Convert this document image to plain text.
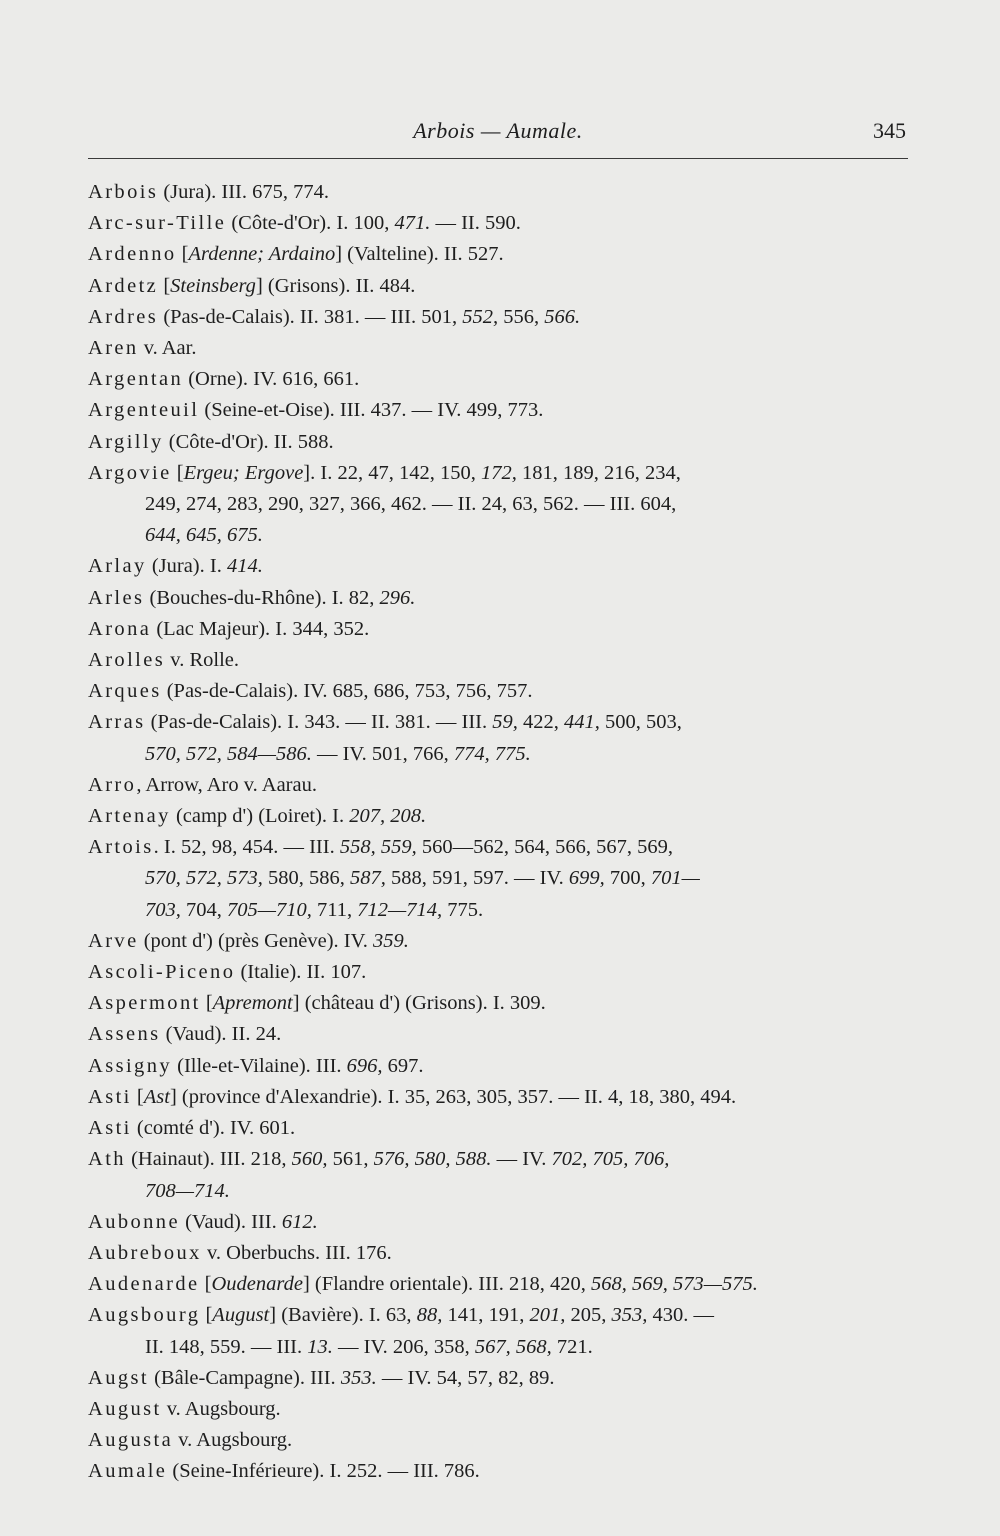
Arbois — Aumale.	345
Arbois (Jura). III. 675, 774.
Arc-sur-Tille (Côte-d'Or). I. 100, 471. — II. 590.
Ardenno [Ardenne; Ardaino] (Valteline). II. 527.
Ardetz [Steinsberg] (Grisons). II. 484.
Ardres (Pas-de-Calais). II. 381. — III. 501, 552, 556, 566.
Aren v. Aar.
Argentan (Orne). IV. 616, 661.
Argenteuil (Seine-et-Oise). III. 437. — IV. 499, 773.
Argilly (Côte-d'Or). II. 588.
Argovie [Ergeu; Ergove]. I. 22, 47, 142, 150, 172, 181, 189, 216, 234,
249, 274, 283, 290, 327, 366, 462. — II. 24, 63, 562. — III. 604,
644, 645, 675.
Arlay (Jura). I. 414.
Arles (Bouches-du-Rhône). I. 82, 296.
Arona (Lac Majeur). I. 344, 352.
Arolles v. Rolle.
Arques (Pas-de-Calais). IV. 685, 686, 753, 756, 757.
Arras (Pas-de-Calais). I. 343. — II. 381. — III. 59, 422, 441, 500, 503,
570, 572, 584—586. — IV. 501, 766, 774, 775.
Arro, Arrow, Aro v. Aarau.
Artenay (camp d') (Loiret). I. 207, 208.
Artois. I. 52, 98, 454. — III. 558, 559, 560—562, 564, 566, 567, 569,
570, 572, 573, 580, 586, 587, 588, 591, 597. — IV. 699, 700, 701—
703, 704, 705—710, 711, 712—714, 775.
Arve (pont d') (près Genève). IV. 359.
Ascoli-Piceno (Italie). II. 107.
Aspermont [Apremont] (château d') (Grisons). I. 309.
Assens (Vaud). II. 24.
Assigny (Ille-et-Vilaine). III. 696, 697.
Asti [Ast] (province d'Alexandrie). I. 35, 263, 305, 357. — II. 4, 18, 380, 494.
Asti (comté d'). IV. 601.
Ath (Hainaut). III. 218, 560, 561, 576, 580, 588. — IV. 702, 705, 706,
708—714.
Aubonne (Vaud). III. 612.
Aubreboux v. Oberbuchs. III. 176.
Audenarde [Oudenarde] (Flandre orientale). III. 218, 420, 568, 569, 573—575.
Augsbourg [August] (Bavière). I. 63, 88, 141, 191, 201, 205, 353, 430. —
II. 148, 559. — III. 13. — IV. 206, 358, 567, 568, 721.
Augst (Bâle-Campagne). III. 353. — IV. 54, 57, 82, 89.
August v. Augsbourg.
Augusta v. Augsbourg.
Aumale (Seine-Inférieure). I. 252. — III. 786.
